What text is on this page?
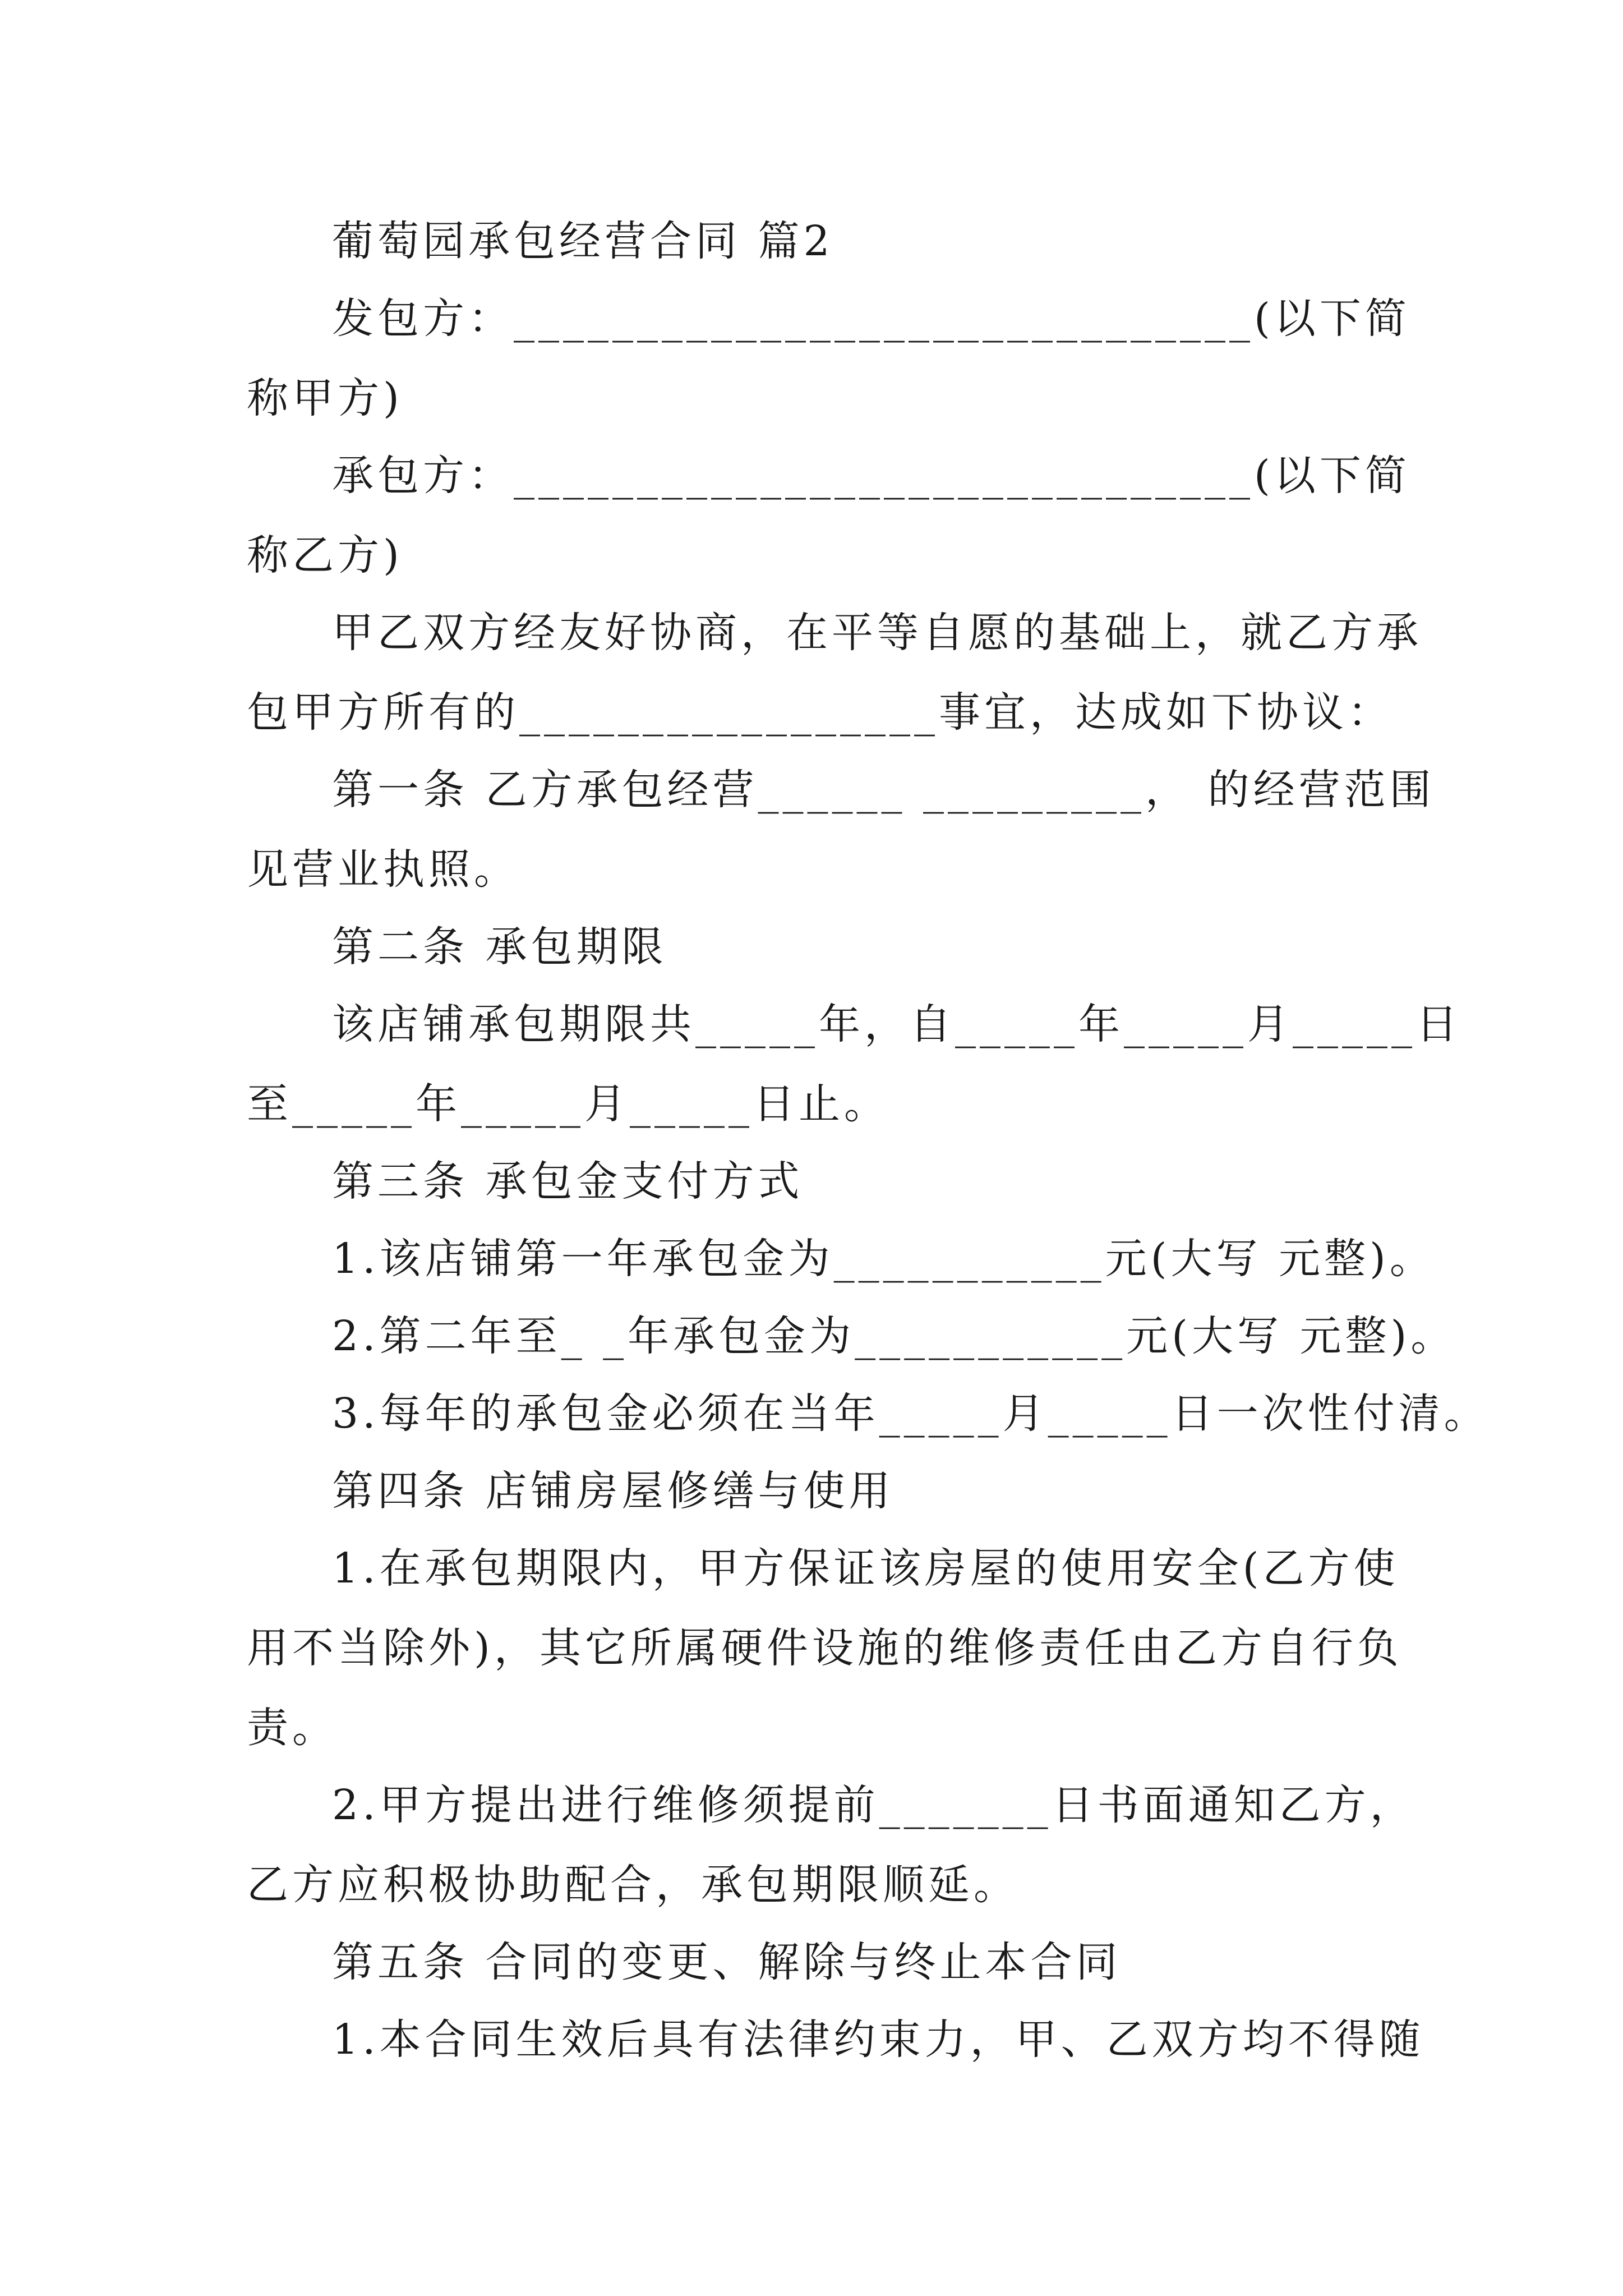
葡萄园承包经营合同 篇2
发包方：______________________________(以下简
称甲方)
承包方：______________________________(以下简
称乙方)
甲乙双方经友好协商，在平等自愿的基础上，就乙方承
包甲方所有的_________________事宜，达成如下协议：
第一条 乙方承包经营______ _________， 的经营范围
见营业执照。
第二条 承包期限
该店铺承包期限共_____年，自_____年_____月_____日
至_____年_____月_____日止。
第三条 承包金支付方式
1.该店铺第一年承包金为___________元(大写 元整)。
2.第二年至_ _年承包金为___________元(大写 元整)。
3.每年的承包金必须在当年_____月_____日一次性付清。
第四条 店铺房屋修缮与使用
1.在承包期限内，甲方保证该房屋的使用安全(乙方使
用不当除外)，其它所属硬件设施的维修责任由乙方自行负
责。
2.甲方提出进行维修须提前_______日书面通知乙方，
乙方应积极协助配合，承包期限顺延。
第五条 合同的变更、解除与终止本合同
1.本合同生效后具有法律约束力，甲、乙双方均不得随
